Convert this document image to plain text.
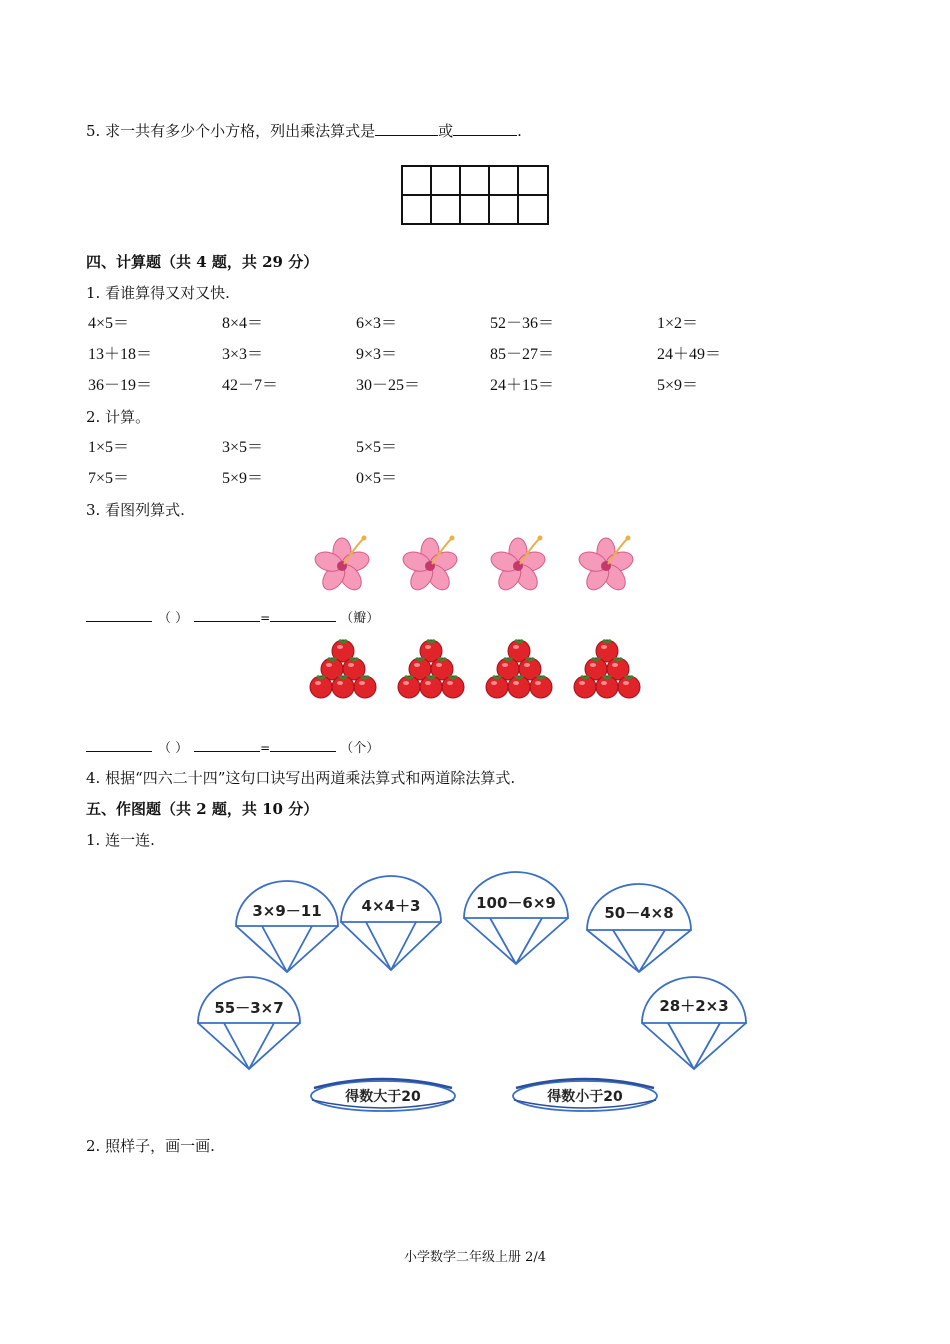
5. 求一共有多少个小方格，列出乘法算式是	或	.
四、计算题（共 4 题，共 29 分）
1. 看谁算得又对又快.
4×5＝	8×4＝	6×3＝	52－36＝	1×2＝
13＋18＝	3×3＝	9×3＝	85－27＝	24＋49＝
36－19＝	42－7＝	30－25＝	24＋15＝	5×9＝
2. 计算。
1×5＝	3×5＝	5×5＝
7×5＝	5×9＝	0×5＝
3. 看图列算式.
（ ）	=	（瓣）
（ ）	=	（个）
4. 根据“四六二十四”这句口诀写出两道乘法算式和两道除法算式.
五、作图题（共 2 题，共 10 分）
1. 连一连.
3×9－11	4×4＋3	100－6×9
50－4×8
55－3×7	28＋2×3
得数大于20	得数小于20
2. 照样子，画一画.
小学数学二年级上册 2/4
